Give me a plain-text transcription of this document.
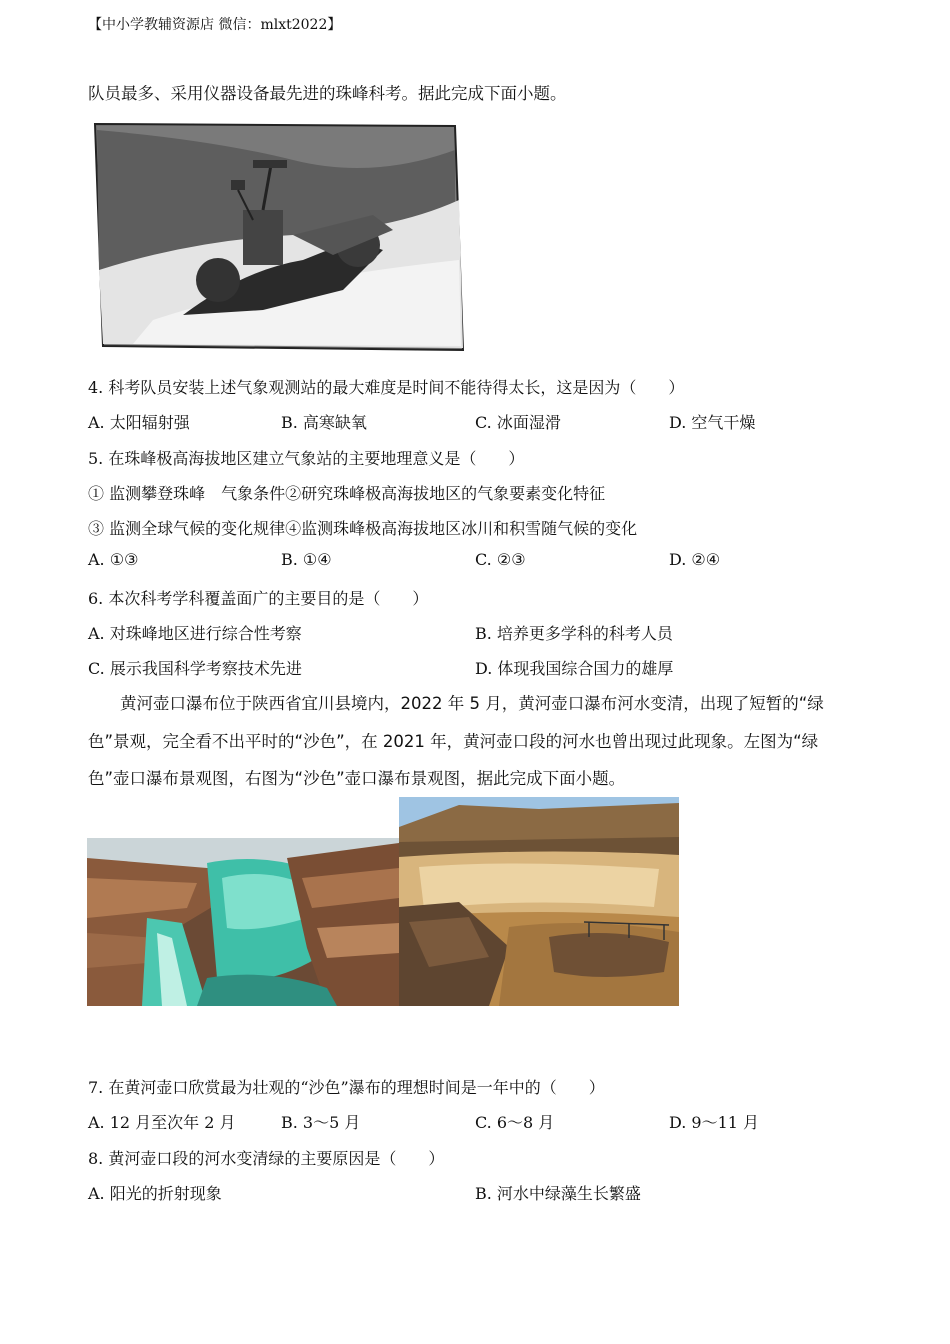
【中小学教辅资源店 微信：mlxt2022】
队员最多、采用仪器设备最先进的珠峰科考。据此完成下面小题。
4. 科考队员安装上述气象观测站的最大难度是时间不能待得太长，这是因为（　　）
A. 太阳辐射强	B. 高寒缺氧	C. 冰面湿滑	D. 空气干燥
5. 在珠峰极高海拔地区建立气象站的主要地理意义是（　　）
① 监测攀登珠峰　气象条件②研究珠峰极高海拔地区的气象要素变化特征
③ 监测全球气候的变化规律④监测珠峰极高海拔地区冰川和积雪随气候的变化
A. ①③	B. ①④	C. ②③	D. ②④
6. 本次科考学科覆盖面广的主要目的是（　　）
A. 对珠峰地区进行综合性考察	B. 培养更多学科的科考人员
C. 展示我国科学考察技术先进	D. 体现我国综合国力的雄厚
黄河壶口瀑布位于陕西省宜川县境内，2022 年 5 月，黄河壶口瀑布河水变清，出现了短暂的“绿
色”景观，完全看不出平时的“沙色”，在 2021 年，黄河壶口段的河水也曾出现过此现象。左图为“绿
色”壶口瀑布景观图，右图为“沙色”壶口瀑布景观图，据此完成下面小题。
7. 在黄河壶口欣赏最为壮观的“沙色”瀑布的理想时间是一年中的（　　）
A. 12 月至次年 2 月	B. 3～5 月	C. 6～8 月	D. 9～11 月
8. 黄河壶口段的河水变清绿的主要原因是（　　）
A. 阳光的折射现象	B. 河水中绿藻生长繁盛
